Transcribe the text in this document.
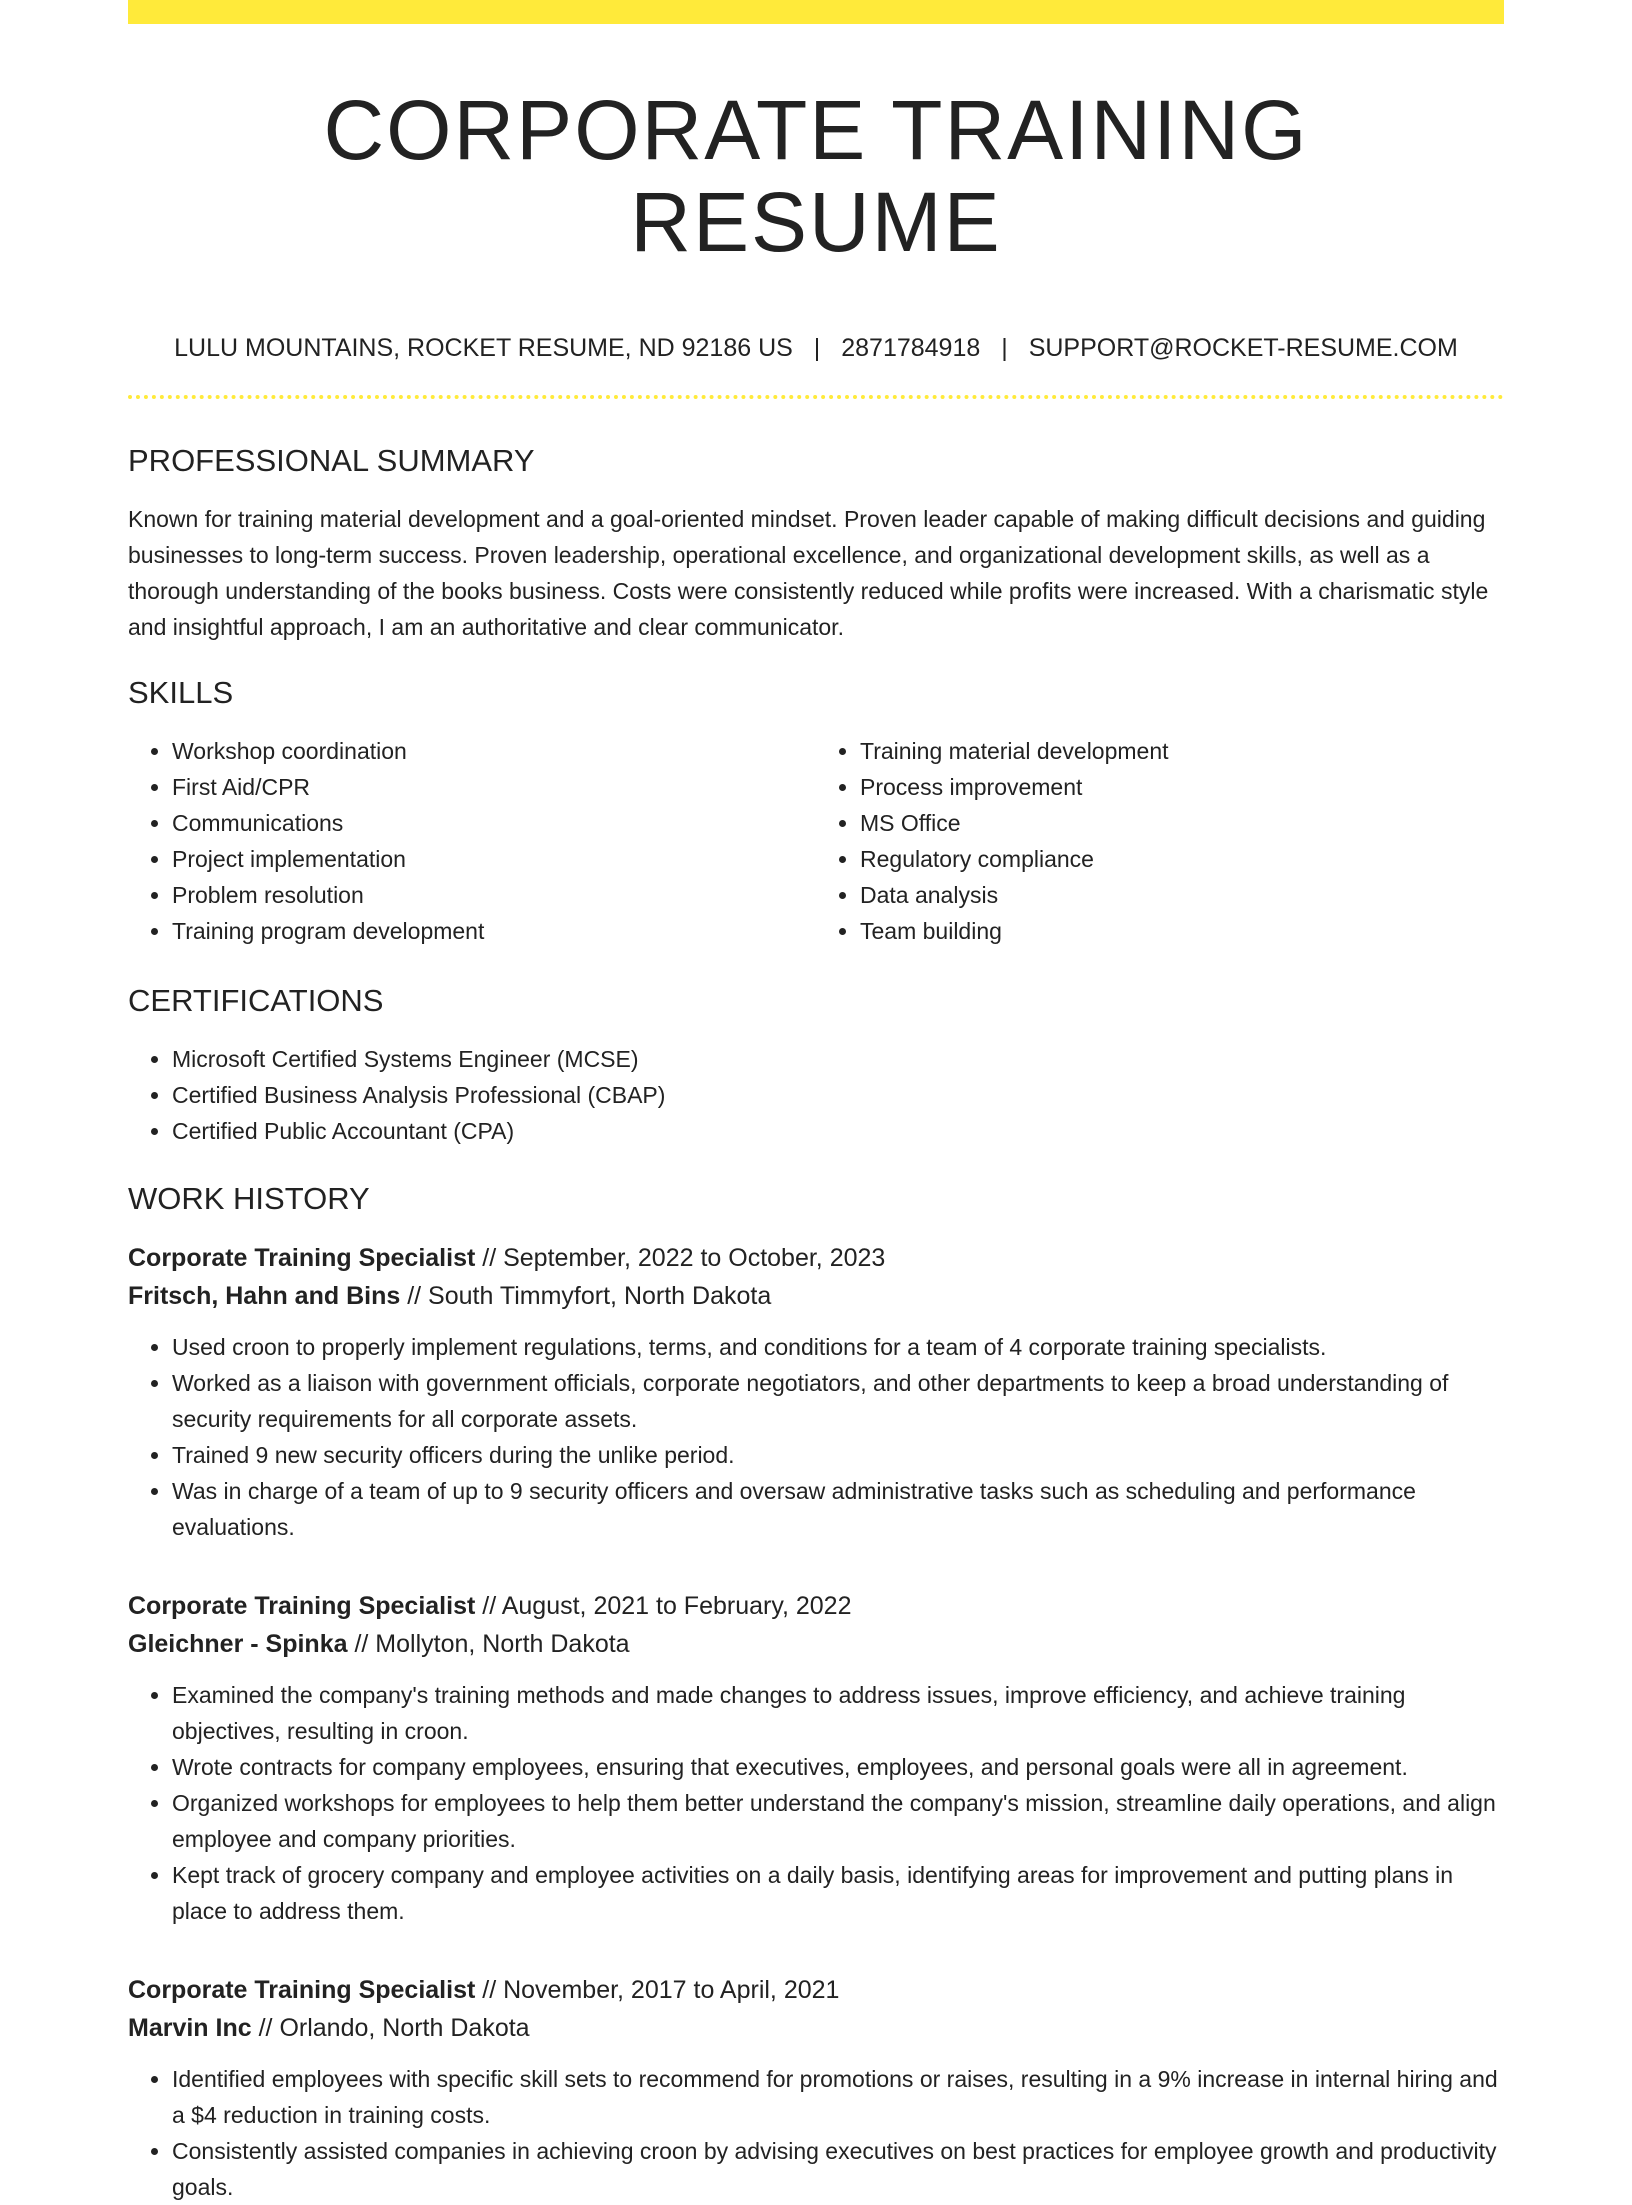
CORPORATE TRAINING RESUME
LULU MOUNTAINS, ROCKET RESUME, ND 92186 US | 2871784918 | SUPPORT@ROCKET-RESUME.COM
PROFESSIONAL SUMMARY

Known for training material development and a goal-oriented mindset. Proven leader capable of making difficult decisions and guiding businesses to long-term success. Proven leadership, operational excellence, and organizational development skills, as well as a thorough understanding of the books business. Costs were consistently reduced while profits were increased. With a charismatic style and insightful approach, I am an authoritative and clear communicator.

SKILLS
• Workshop coordination
• First Aid/CPR
• Communications
• Project implementation
• Problem resolution
• Training program development
• Training material development
• Process improvement
• MS Office
• Regulatory compliance
• Data analysis
• Team building
CERTIFICATIONS
• Microsoft Certified Systems Engineer (MCSE)
• Certified Business Analysis Professional (CBAP)
• Certified Public Accountant (CPA)
WORK HISTORY
Corporate Training Specialist // September, 2022 to October, 2023
Fritsch, Hahn and Bins // South Timmyfort, North Dakota
• Used croon to properly implement regulations, terms, and conditions for a team of 4 corporate training specialists.
• Worked as a liaison with government officials, corporate negotiators, and other departments to keep a broad understanding of security requirements for all corporate assets.
• Trained 9 new security officers during the unlike period.
• Was in charge of a team of up to 9 security officers and oversaw administrative tasks such as scheduling and performance evaluations.
Corporate Training Specialist // August, 2021 to February, 2022
Gleichner - Spinka // Mollyton, North Dakota
• Examined the company's training methods and made changes to address issues, improve efficiency, and achieve training objectives, resulting in croon.
• Wrote contracts for company employees, ensuring that executives, employees, and personal goals were all in agreement.
• Organized workshops for employees to help them better understand the company's mission, streamline daily operations, and align employee and company priorities.
• Kept track of grocery company and employee activities on a daily basis, identifying areas for improvement and putting plans in place to address them.
Corporate Training Specialist // November, 2017 to April, 2021
Marvin Inc // Orlando, North Dakota
• Identified employees with specific skill sets to recommend for promotions or raises, resulting in a 9% increase in internal hiring and a $4 reduction in training costs.
• Consistently assisted companies in achieving croon by advising executives on best practices for employee growth and productivity goals.
